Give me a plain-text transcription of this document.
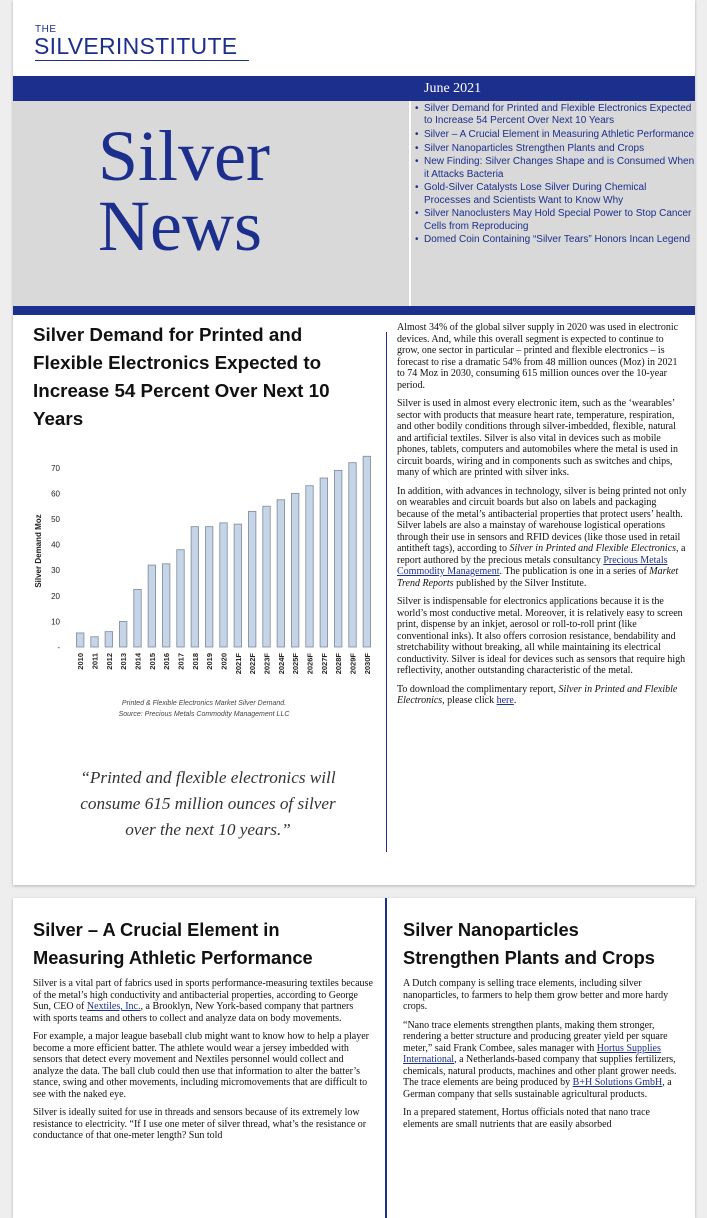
THE
SILVERINSTITUTE
June 2021
Silver
News
• Silver Demand for Printed and Flexible Electronics Expected to Increase 54 Percent Over Next 10 Years
• Silver – A Crucial Element in Measuring Athletic Performance
• Silver Nanoparticles Strengthen Plants and Crops
• New Finding: Silver Changes Shape and is Consumed When it Attacks Bacteria
• Gold-Silver Catalysts Lose Silver During Chemical Processes and Scientists Want to Know Why
• Silver Nanoclusters May Hold Special Power to Stop Cancer Cells from Reproducing
• Domed Coin Containing “Silver Tears” Honors Incan Legend
Silver Demand for Printed and Flexible Electronics Expected to Increase 54 Percent Over Next 10 Years
10
20
30
40
50
60
70
-
Silver Demand Moz
2010 2011 2012 2013 2014 2015 2016 2017 2018 2019 2020 2021F 2022F 2023F 2024F 2025F 2026F 2027F 2028F 2029F 2030F
Printed & Flexible Electronics Market Silver Demand.
Source: Precious Metals Commodity Management LLC
“Printed and flexible electronics will consume 615 million ounces of silver over the next 10 years.”

Almost 34% of the global silver supply in 2020 was used in electronic devices. And, while this overall segment is expected to continue to grow, one sector in particular – printed and flexible electronics – is forecast to rise a dramatic 54% from 48 million ounces (Moz) in 2021 to 74 Moz in 2030, consuming 615 million ounces over the 10-year period.

Silver is used in almost every electronic item, such as the ‘wearables’ sector with products that measure heart rate, temperature, respiration, and other bodily conditions through silver-imbedded, flexible, natural and artificial textiles. Silver is also vital in devices such as mobile phones, tablets, computers and automobiles where the metal is used in circuit boards, wiring and in components such as switches and chips, many of which are printed with silver inks.

In addition, with advances in technology, silver is being printed not only on wearables and circuit boards but also on labels and packaging because of the metal’s antibacterial properties that protect users’ health. Silver labels are also a mainstay of warehouse logistical operations through their use in sensors and RFID devices (like those used in retail antitheft tags), according to Silver in Printed and Flexible Electronics, a report authored by the precious metals consultancy Precious Metals Commodity Management. The publication is one in a series of Market Trend Reports published by the Silver Institute.

Silver is indispensable for electronics applications because it is the world’s most conductive metal. Moreover, it is relatively easy to screen print, dispense by an inkjet, aerosol or roll-to-roll print (like conventional inks). It also offers corrosion resistance, bendability and stretchability without breaking, all while maintaining its electrical conductivity. Silver is ideal for devices such as sensors that require high reflectivity, another outstanding characteristic of the metal.

To download the complimentary report, Silver in Printed and Flexible Electronics, please click here.

Silver – A Crucial Element in Measuring Athletic Performance

Silver is a vital part of fabrics used in sports performance-measuring textiles because of the metal’s high conductivity and antibacterial properties, according to George Sun, CEO of Nextiles, Inc., a Brooklyn, New York-based company that partners with sports teams and others to collect and analyze data on body movements.

For example, a major league baseball club might want to know how to help a player become a more efficient batter. The athlete would wear a jersey imbedded with sensors that detect every movement and Nextiles personnel would collect and analyze the data. The ball club could then use that information to alter the batter’s stance, swing and other movements, including micromovements that are difficult to see with the naked eye.

Silver is ideally suited for use in threads and sensors because of its extremely low resistance to electricity. “If I use one meter of silver thread, what’s the resistance or conductance of that one-meter length? Sun told

Silver Nanoparticles Strengthen Plants and Crops

A Dutch company is selling trace elements, including silver nanoparticles, to farmers to help them grow better and more hardy crops.

“Nano trace elements strengthen plants, making them stronger, rendering a better structure and producing greater yield per square meter,” said Frank Combee, sales manager with Hortus Supplies International, a Netherlands-based company that supplies fertilizers, chemicals, natural products, machines and other plant grower needs. The trace elements are being produced by B+H Solutions GmbH, a German company that sells sustainable agricultural products.

In a prepared statement, Hortus officials noted that nano trace elements are small nutrients that are easily absorbed
